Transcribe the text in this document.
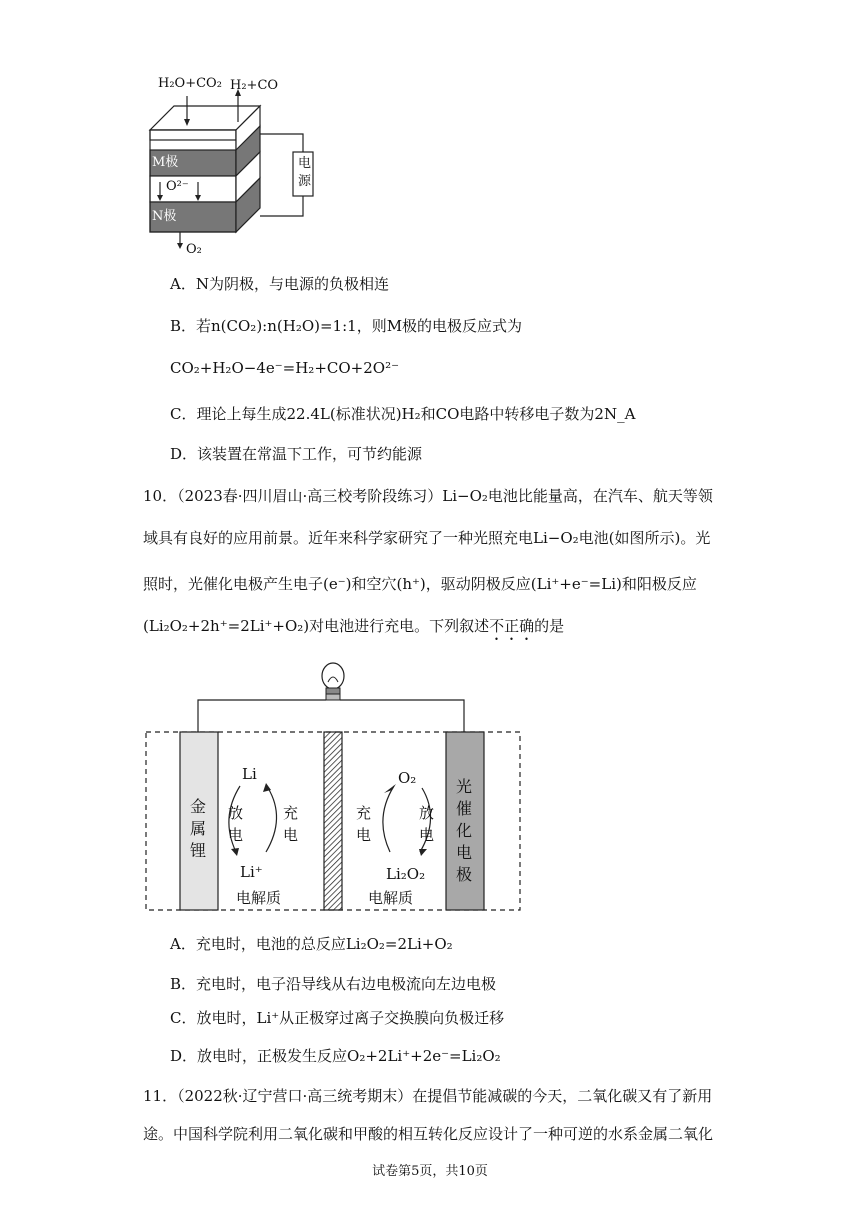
H₂O+CO₂ H₂+CO
M极
O²⁻
N极
O₂
电源
A．N为阴极，与电源的负极相连
B．若n(CO₂):n(H₂O)=1:1，则M极的电极反应式为
CO₂+H₂O−4e⁻=H₂+CO+2O²⁻
C．理论上每生成22.4L(标准状况)H₂和CO电路中转移电子数为2N_A
D．该装置在常温下工作，可节约能源
10．（2023春·四川眉山·高三校考阶段练习）Li−O₂电池比能量高，在汽车、航天等领
域具有良好的应用前景。近年来科学家研究了一种光照充电Li−O₂电池(如图所示)。光
照时，光催化电极产生电子(e⁻)和空穴(h⁺)，驱动阴极反应(Li⁺+e⁻=Li)和阳极反应
(Li₂O₂+2h⁺=2Li⁺+O₂)对电池进行充电。下列叙述不正确的是
金属锂
光催化电极
Li
Li⁺
放电
充电
O₂
Li₂O₂
充电
放电
电解质	电解质
A．充电时，电池的总反应Li₂O₂=2Li+O₂
B．充电时，电子沿导线从右边电极流向左边电极
C．放电时，Li⁺从正极穿过离子交换膜向负极迁移
D．放电时，正极发生反应O₂+2Li⁺+2e⁻=Li₂O₂
11．（2022秋·辽宁营口·高三统考期末）在提倡节能减碳的今天，二氧化碳又有了新用
途。中国科学院利用二氧化碳和甲酸的相互转化反应设计了一种可逆的水系金属二氧化
试卷第5页，共10页
